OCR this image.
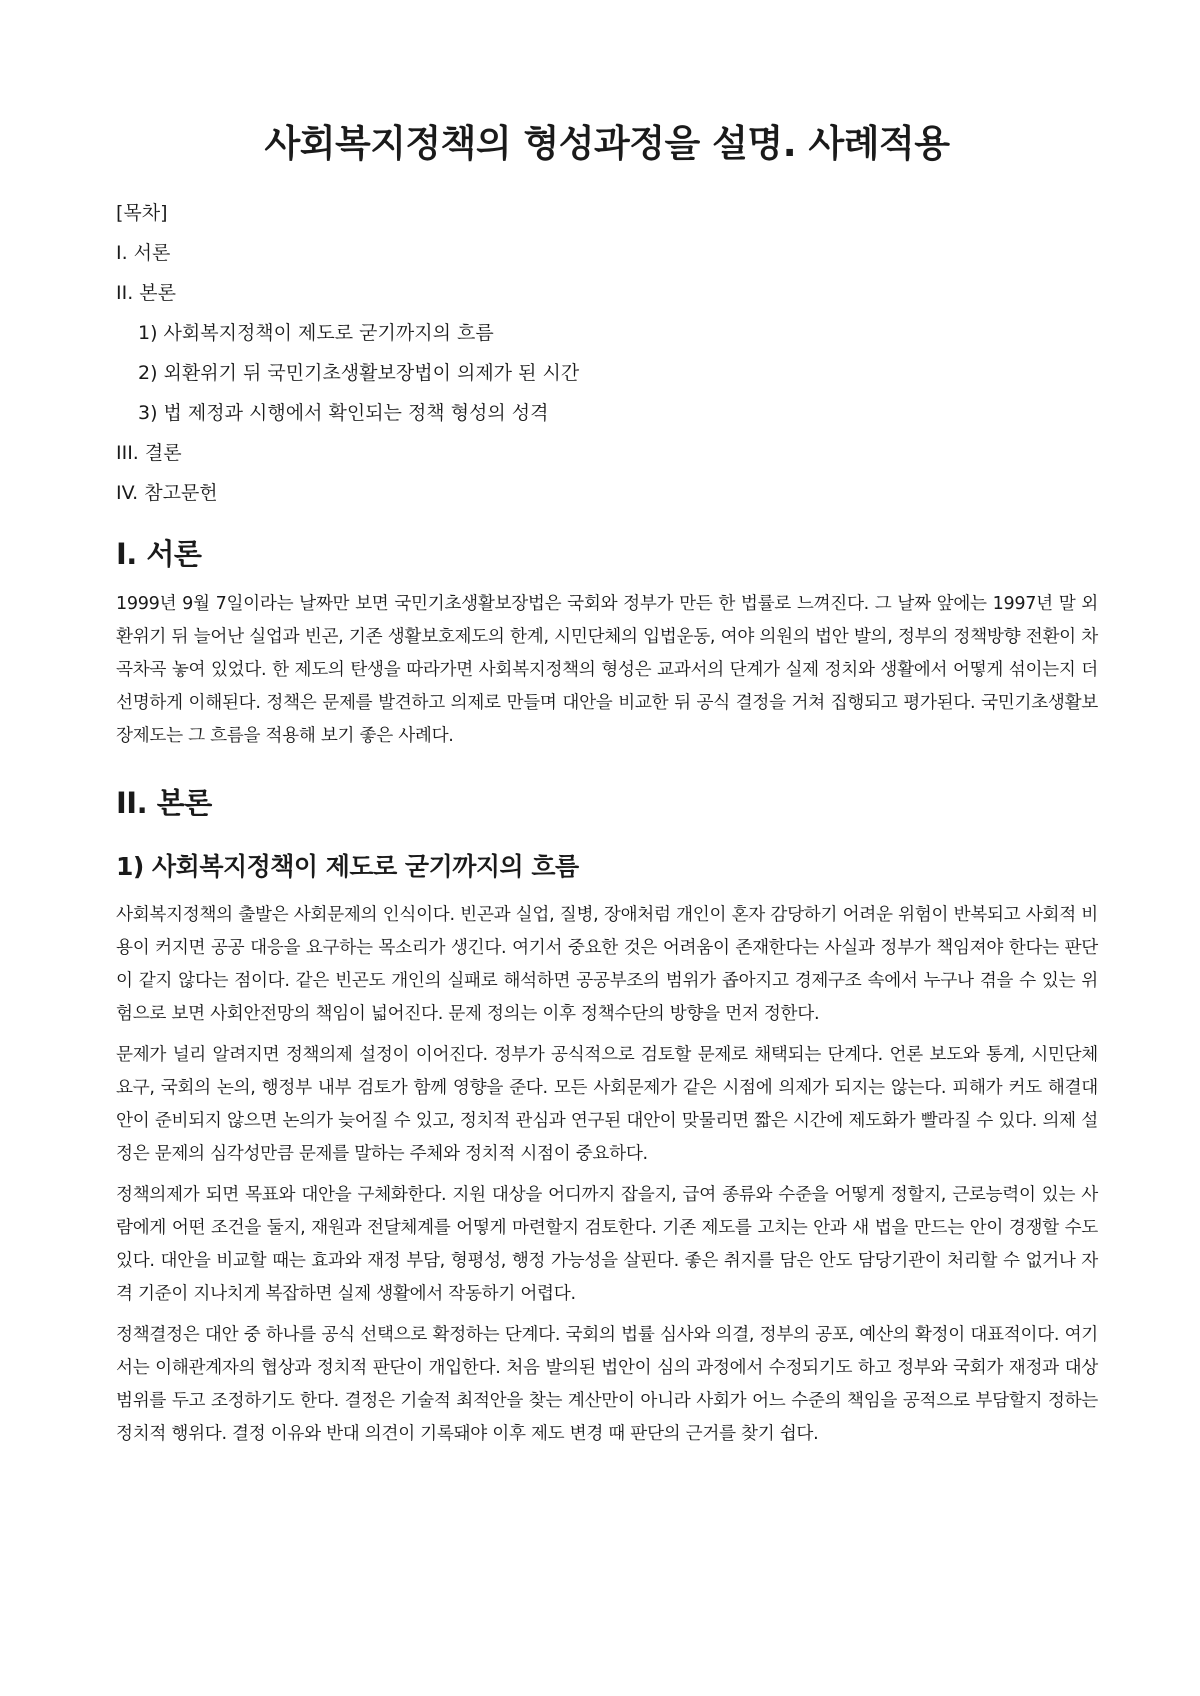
사회복지정책의 형성과정을 설명. 사례적용
[목차]
I. 서론
II. 본론
1) 사회복지정책이 제도로 굳기까지의 흐름
2) 외환위기 뒤 국민기초생활보장법이 의제가 된 시간
3) 법 제정과 시행에서 확인되는 정책 형성의 성격
III. 결론
IV. 참고문헌
I. 서론

1999년 9월 7일이라는 날짜만 보면 국민기초생활보장법은 국회와 정부가 만든 한 법률로 느껴진다. 그 날짜 앞에는 1997년 말 외환위기 뒤 늘어난 실업과 빈곤, 기존 생활보호제도의 한계, 시민단체의 입법운동, 여야 의원의 법안 발의, 정부의 정책방향 전환이 차곡차곡 놓여 있었다. 한 제도의 탄생을 따라가면 사회복지정책의 형성은 교과서의 단계가 실제 정치와 생활에서 어떻게 섞이는지 더 선명하게 이해된다. 정책은 문제를 발견하고 의제로 만들며 대안을 비교한 뒤 공식 결정을 거쳐 집행되고 평가된다. 국민기초생활보장제도는 그 흐름을 적용해 보기 좋은 사례다.

II. 본론
1) 사회복지정책이 제도로 굳기까지의 흐름

사회복지정책의 출발은 사회문제의 인식이다. 빈곤과 실업, 질병, 장애처럼 개인이 혼자 감당하기 어려운 위험이 반복되고 사회적 비용이 커지면 공공 대응을 요구하는 목소리가 생긴다. 여기서 중요한 것은 어려움이 존재한다는 사실과 정부가 책임져야 한다는 판단이 같지 않다는 점이다. 같은 빈곤도 개인의 실패로 해석하면 공공부조의 범위가 좁아지고 경제구조 속에서 누구나 겪을 수 있는 위험으로 보면 사회안전망의 책임이 넓어진다. 문제 정의는 이후 정책수단의 방향을 먼저 정한다.

문제가 널리 알려지면 정책의제 설정이 이어진다. 정부가 공식적으로 검토할 문제로 채택되는 단계다. 언론 보도와 통계, 시민단체 요구, 국회의 논의, 행정부 내부 검토가 함께 영향을 준다. 모든 사회문제가 같은 시점에 의제가 되지는 않는다. 피해가 커도 해결대안이 준비되지 않으면 논의가 늦어질 수 있고, 정치적 관심과 연구된 대안이 맞물리면 짧은 시간에 제도화가 빨라질 수 있다. 의제 설정은 문제의 심각성만큼 문제를 말하는 주체와 정치적 시점이 중요하다.

정책의제가 되면 목표와 대안을 구체화한다. 지원 대상을 어디까지 잡을지, 급여 종류와 수준을 어떻게 정할지, 근로능력이 있는 사람에게 어떤 조건을 둘지, 재원과 전달체계를 어떻게 마련할지 검토한다. 기존 제도를 고치는 안과 새 법을 만드는 안이 경쟁할 수도 있다. 대안을 비교할 때는 효과와 재정 부담, 형평성, 행정 가능성을 살핀다. 좋은 취지를 담은 안도 담당기관이 처리할 수 없거나 자격 기준이 지나치게 복잡하면 실제 생활에서 작동하기 어렵다.

정책결정은 대안 중 하나를 공식 선택으로 확정하는 단계다. 국회의 법률 심사와 의결, 정부의 공포, 예산의 확정이 대표적이다. 여기서는 이해관계자의 협상과 정치적 판단이 개입한다. 처음 발의된 법안이 심의 과정에서 수정되기도 하고 정부와 국회가 재정과 대상 범위를 두고 조정하기도 한다. 결정은 기술적 최적안을 찾는 계산만이 아니라 사회가 어느 수준의 책임을 공적으로 부담할지 정하는 정치적 행위다. 결정 이유와 반대 의견이 기록돼야 이후 제도 변경 때 판단의 근거를 찾기 쉽다.
